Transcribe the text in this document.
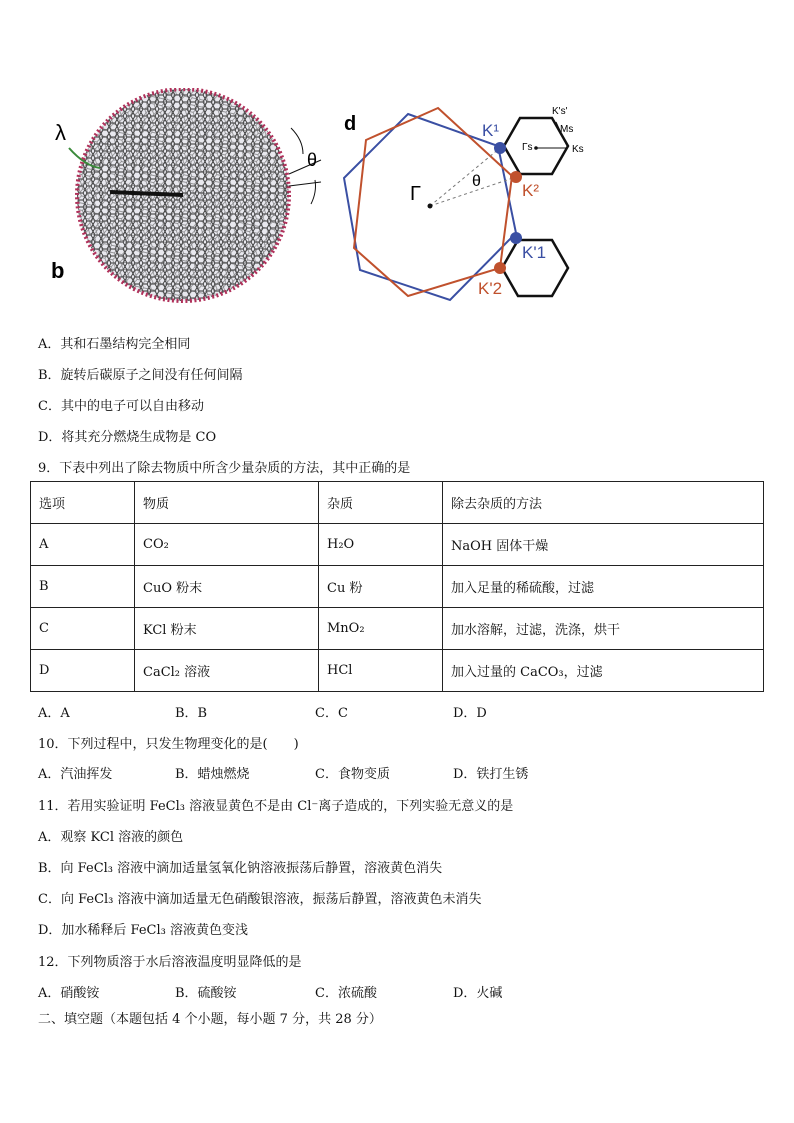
λ
θ
b
d
Γ
θ
K¹
K²
K'1
K'2
K's'
Ms
Γs	Ks
A．其和石墨结构完全相同
B．旋转后碳原子之间没有任何间隔
C．其中的电子可以自由移动
D．将其充分燃烧生成物是 CO
9．下表中列出了除去物质中所含少量杂质的方法，其中正确的是
选项	物质	杂质	除去杂质的方法
A	CO₂	H₂O	NaOH 固体干燥
B	CuO 粉末	Cu 粉	加入足量的稀硫酸，过滤
C	KCl 粉末	MnO₂	加水溶解，过滤，洗涤，烘干
D	CaCl₂ 溶液	HCl	加入过量的 CaCO₃，过滤
A．A	B．B	C．C	D．D
10．下列过程中，只发生物理变化的是(　　)
A．汽油挥发	B．蜡烛燃烧	C．食物变质	D．铁打生锈
11．若用实验证明 FeCl₃ 溶液显黄色不是由 Cl⁻离子造成的，下列实验无意义的是
A．观察 KCl 溶液的颜色
B．向 FeCl₃ 溶液中滴加适量氢氧化钠溶液振荡后静置，溶液黄色消失
C．向 FeCl₃ 溶液中滴加适量无色硝酸银溶液，振荡后静置，溶液黄色未消失
D．加水稀释后 FeCl₃ 溶液黄色变浅
12．下列物质溶于水后溶液温度明显降低的是
A．硝酸铵	B．硫酸铵	C．浓硫酸	D．火碱
二、填空题（本题包括 4 个小题，每小题 7 分，共 28 分）
